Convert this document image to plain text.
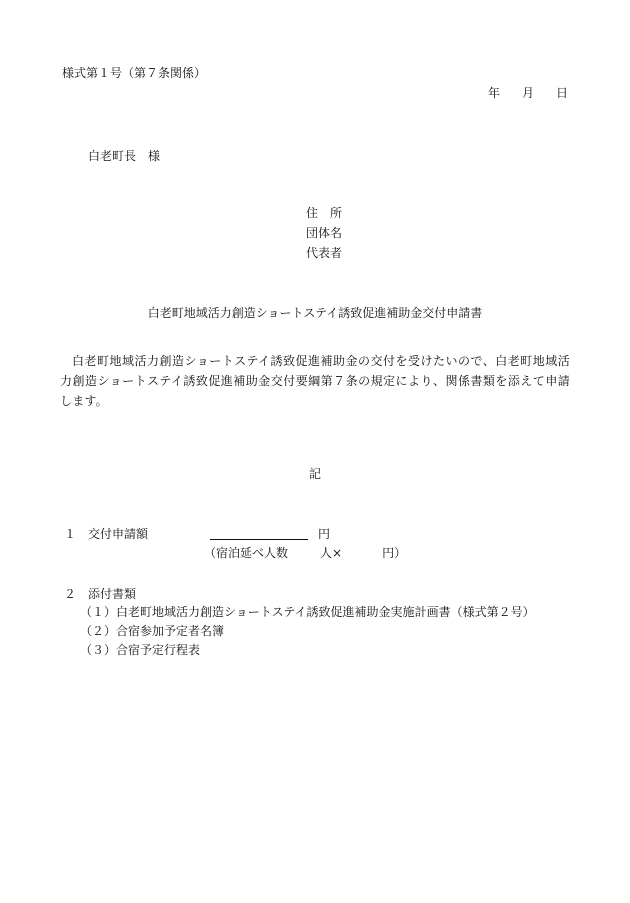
様式第１号（第７条関係）
年 月 日
白老町長 様
住　所
団体名
代表者
白老町地域活力創造ショートステイ誘致促進補助金交付申請書
白老町地域活力創造ショートステイ誘致促進補助金の交付を受けたいので、白老町地域活力創造ショートステイ誘致促進補助金交付要綱第７条の規定により、関係書類を添えて申請します。
記
１ 交付申請額	円
（宿泊延べ人数	人×	円）
２ 添付書類
（１）白老町地域活力創造ショートステイ誘致促進補助金実施計画書（様式第２号）
（２）合宿参加予定者名簿
（３）合宿予定行程表
